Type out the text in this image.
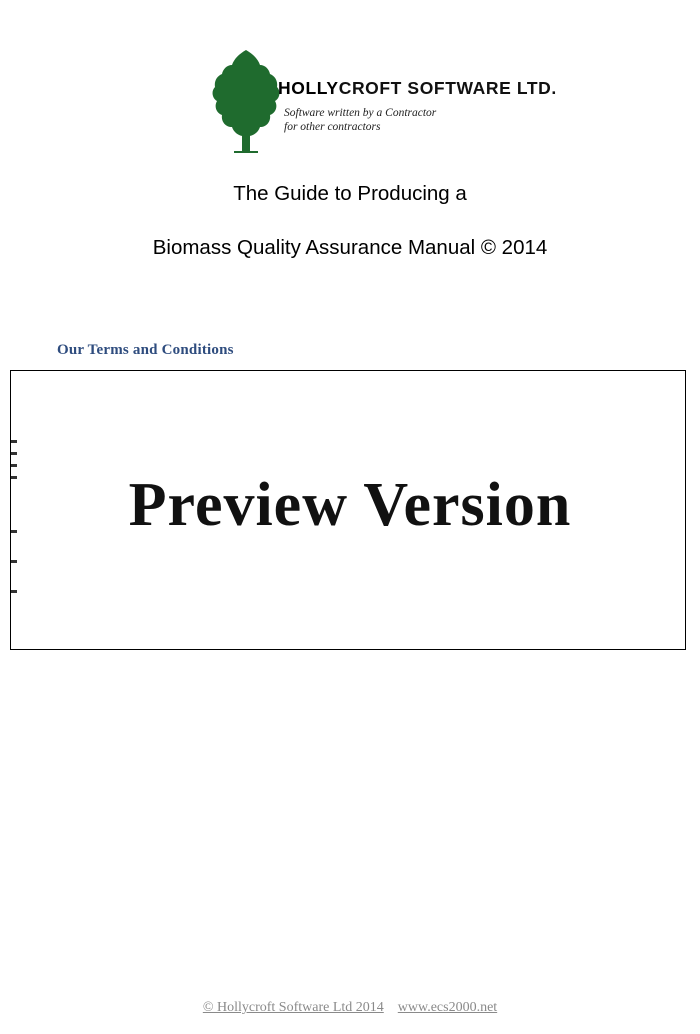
HOLLYCROFT SOFTWARE LTD.
Software written by a Contractor
for other contractors
The Guide to Producing a
Biomass Quality Assurance Manual © 2014
Our Terms and Conditions
Preview Version
© Hollycroft Software Ltd 2014 www.ecs2000.net
